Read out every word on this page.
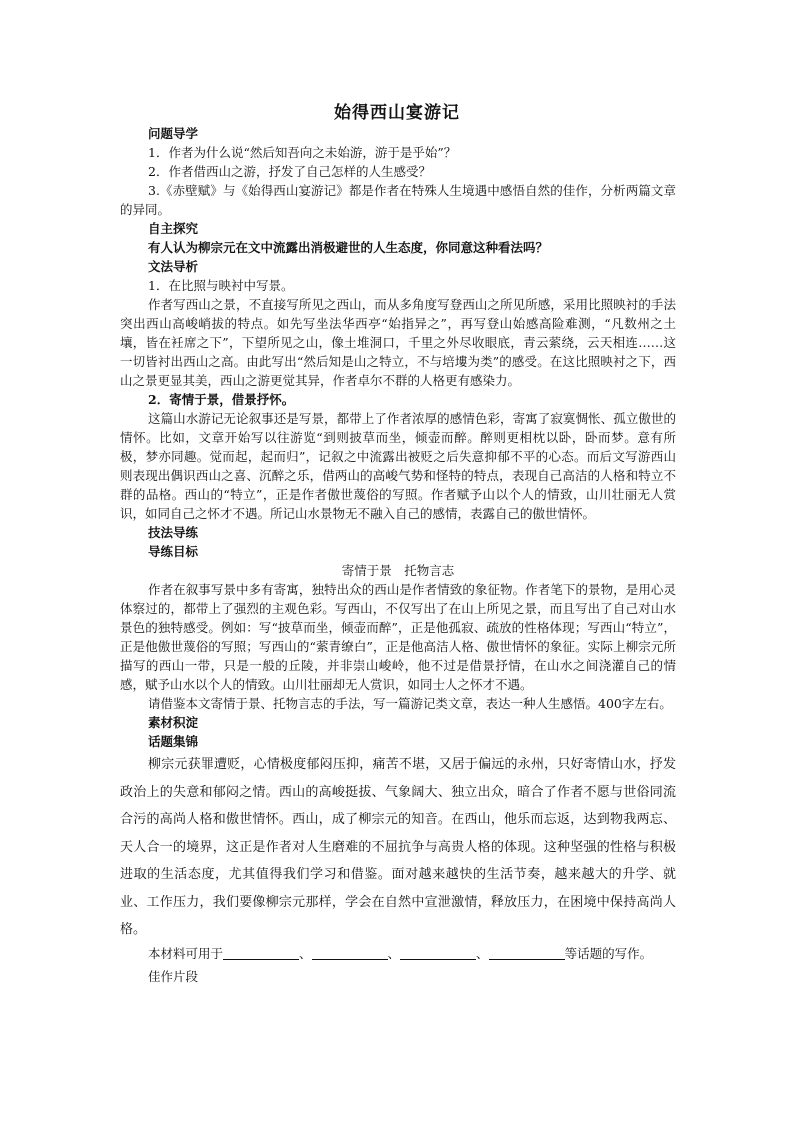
始得西山宴游记

问题导学

1．作者为什么说“然后知吾向之未始游，游于是乎始”？

2．作者借西山之游，抒发了自己怎样的人生感受？

3.《赤壁赋》与《始得西山宴游记》都是作者在特殊人生境遇中感悟自然的佳作，分析两篇文章的异同。

自主探究

有人认为柳宗元在文中流露出消极避世的人生态度，你同意这种看法吗？

文法导析

1．在比照与映衬中写景。

作者写西山之景，不直接写所见之西山，而从多角度写登西山之所见所感，采用比照映衬的手法突出西山高峻峭拔的特点。如先写坐法华西亭“始指异之”，再写登山始感高险难测，“凡数州之土壤，皆在衽席之下”，下望所见之山，像土堆洞口，千里之外尽收眼底，青云萦绕，云天相连……这一切皆衬出西山之高。由此写出“然后知是山之特立，不与培塿为类”的感受。在这比照映衬之下，西山之景更显其美，西山之游更觉其异，作者卓尔不群的人格更有感染力。

2．寄情于景，借景抒怀。

这篇山水游记无论叙事还是写景，都带上了作者浓厚的感情色彩，寄寓了寂寞惆怅、孤立傲世的情怀。比如，文章开始写以往游览“到则披草而坐，倾壶而醉。醉则更相枕以卧，卧而梦。意有所极，梦亦同趣。觉而起，起而归”，记叙之中流露出被贬之后失意抑郁不平的心态。而后文写游西山则表现出偶识西山之喜、沉醉之乐，借两山的高峻气势和怪特的特点，表现自己高洁的人格和特立不群的品格。西山的“特立”，正是作者傲世蔑俗的写照。作者赋予山以个人的情致，山川壮丽无人赏识，如同自己之怀才不遇。所记山水景物无不融入自己的感情，表露自己的傲世情怀。

技法导练

导练目标

寄情于景　托物言志

作者在叙事写景中多有寄寓，独特出众的西山是作者情致的象征物。作者笔下的景物，是用心灵体察过的，都带上了强烈的主观色彩。写西山，不仅写出了在山上所见之景，而且写出了自己对山水景色的独特感受。例如：写“披草而坐，倾壶而醉”，正是他孤寂、疏放的性格体现；写西山“特立”，正是他傲世蔑俗的写照；写西山的“萦青缭白”，正是他高洁人格、傲世情怀的象征。实际上柳宗元所描写的西山一带，只是一般的丘陵，并非崇山峻岭，他不过是借景抒情，在山水之间浇灌自己的情感，赋予山水以个人的情致。山川壮丽却无人赏识，如同士人之怀才不遇。

请借鉴本文寄情于景、托物言志的手法，写一篇游记类文章，表达一种人生感悟。400字左右。

素材积淀

话题集锦

柳宗元获罪遭贬，心情极度郁闷压抑，痛苦不堪，又居于偏远的永州，只好寄情山水，抒发政治上的失意和郁闷之情。西山的高峻挺拔、气象阔大、独立出众，暗合了作者不愿与世俗同流合污的高尚人格和傲世情怀。西山，成了柳宗元的知音。在西山，他乐而忘返，达到物我两忘、天人合一的境界，这正是作者对人生磨难的不屈抗争与高贵人格的体现。这种坚强的性格与积极进取的生活态度，尤其值得我们学习和借鉴。面对越来越快的生活节奏，越来越大的升学、就业、工作压力，我们要像柳宗元那样，学会在自然中宣泄激情，释放压力，在困境中保持高尚人格。

本材料可用于	、	、	、	等话题的写作。

佳作片段
